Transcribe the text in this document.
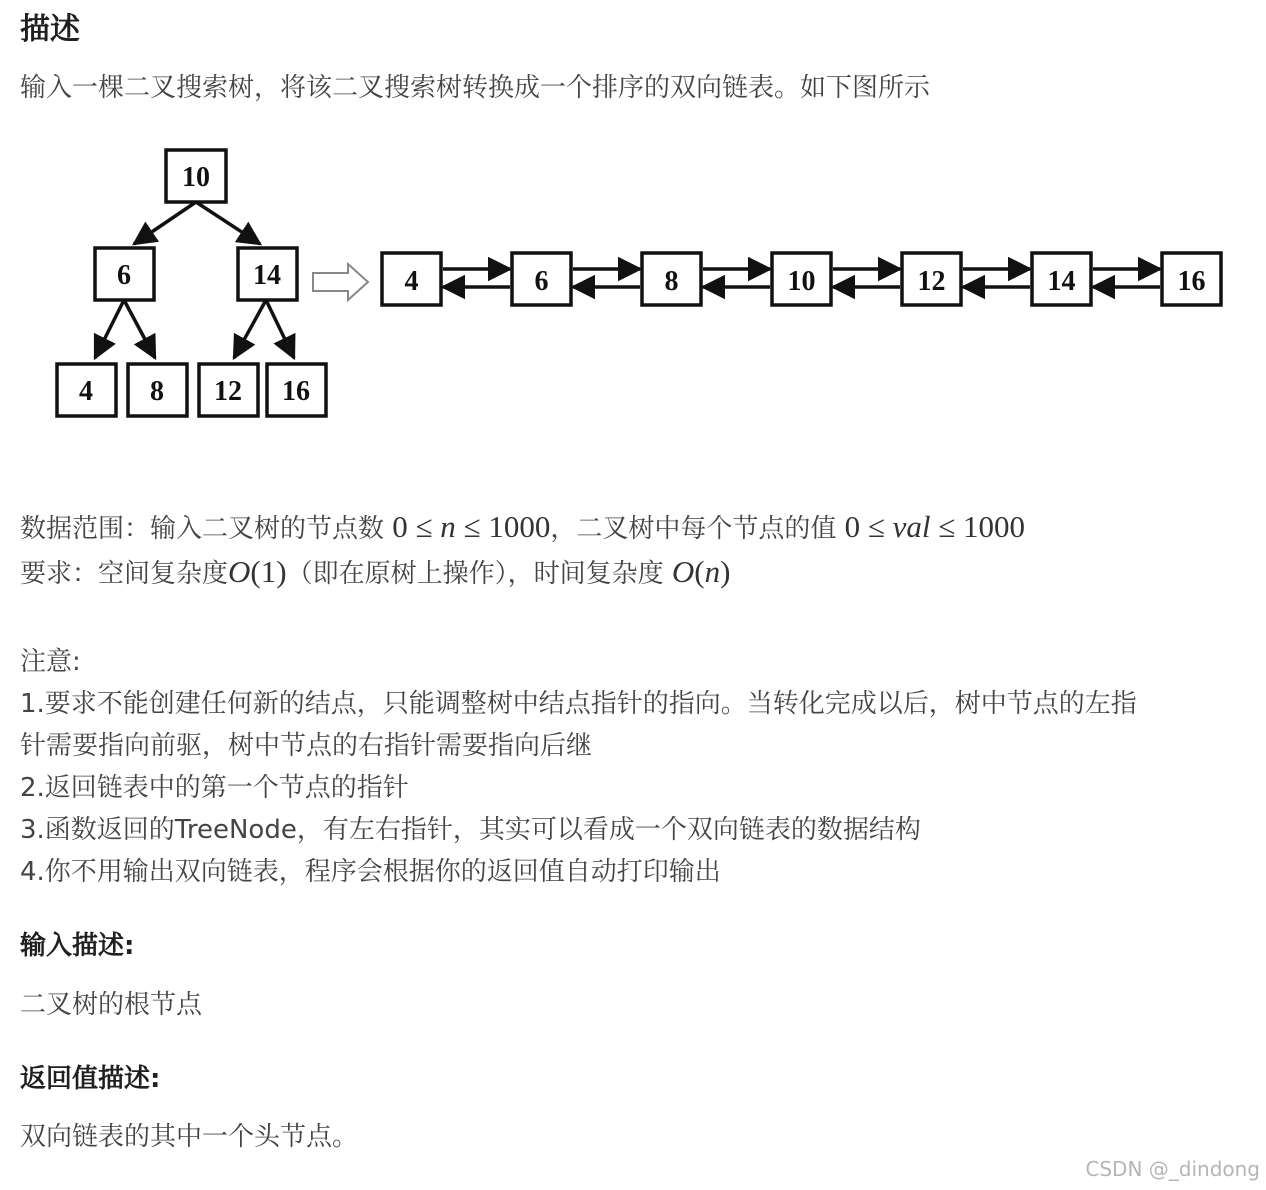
描述
输入一棵二叉搜索树，将该二叉搜索树转换成一个排序的双向链表。如下图所示
10
6	14
4 8 12 16
4	6	8	10	12	14	16
数据范围：输入二叉树的节点数 0 ≤ n ≤ 1000，二叉树中每个节点的值 0 ≤ val ≤ 1000
要求：空间复杂度O(1)（即在原树上操作），时间复杂度 O(n)
注意:
1.要求不能创建任何新的结点，只能调整树中结点指针的指向。当转化完成以后，树中节点的左指
针需要指向前驱，树中节点的右指针需要指向后继
2.返回链表中的第一个节点的指针
3.函数返回的TreeNode，有左右指针，其实可以看成一个双向链表的数据结构
4.你不用输出双向链表，程序会根据你的返回值自动打印输出
输入描述:
二叉树的根节点
返回值描述:
双向链表的其中一个头节点。
CSDN @_dindong
